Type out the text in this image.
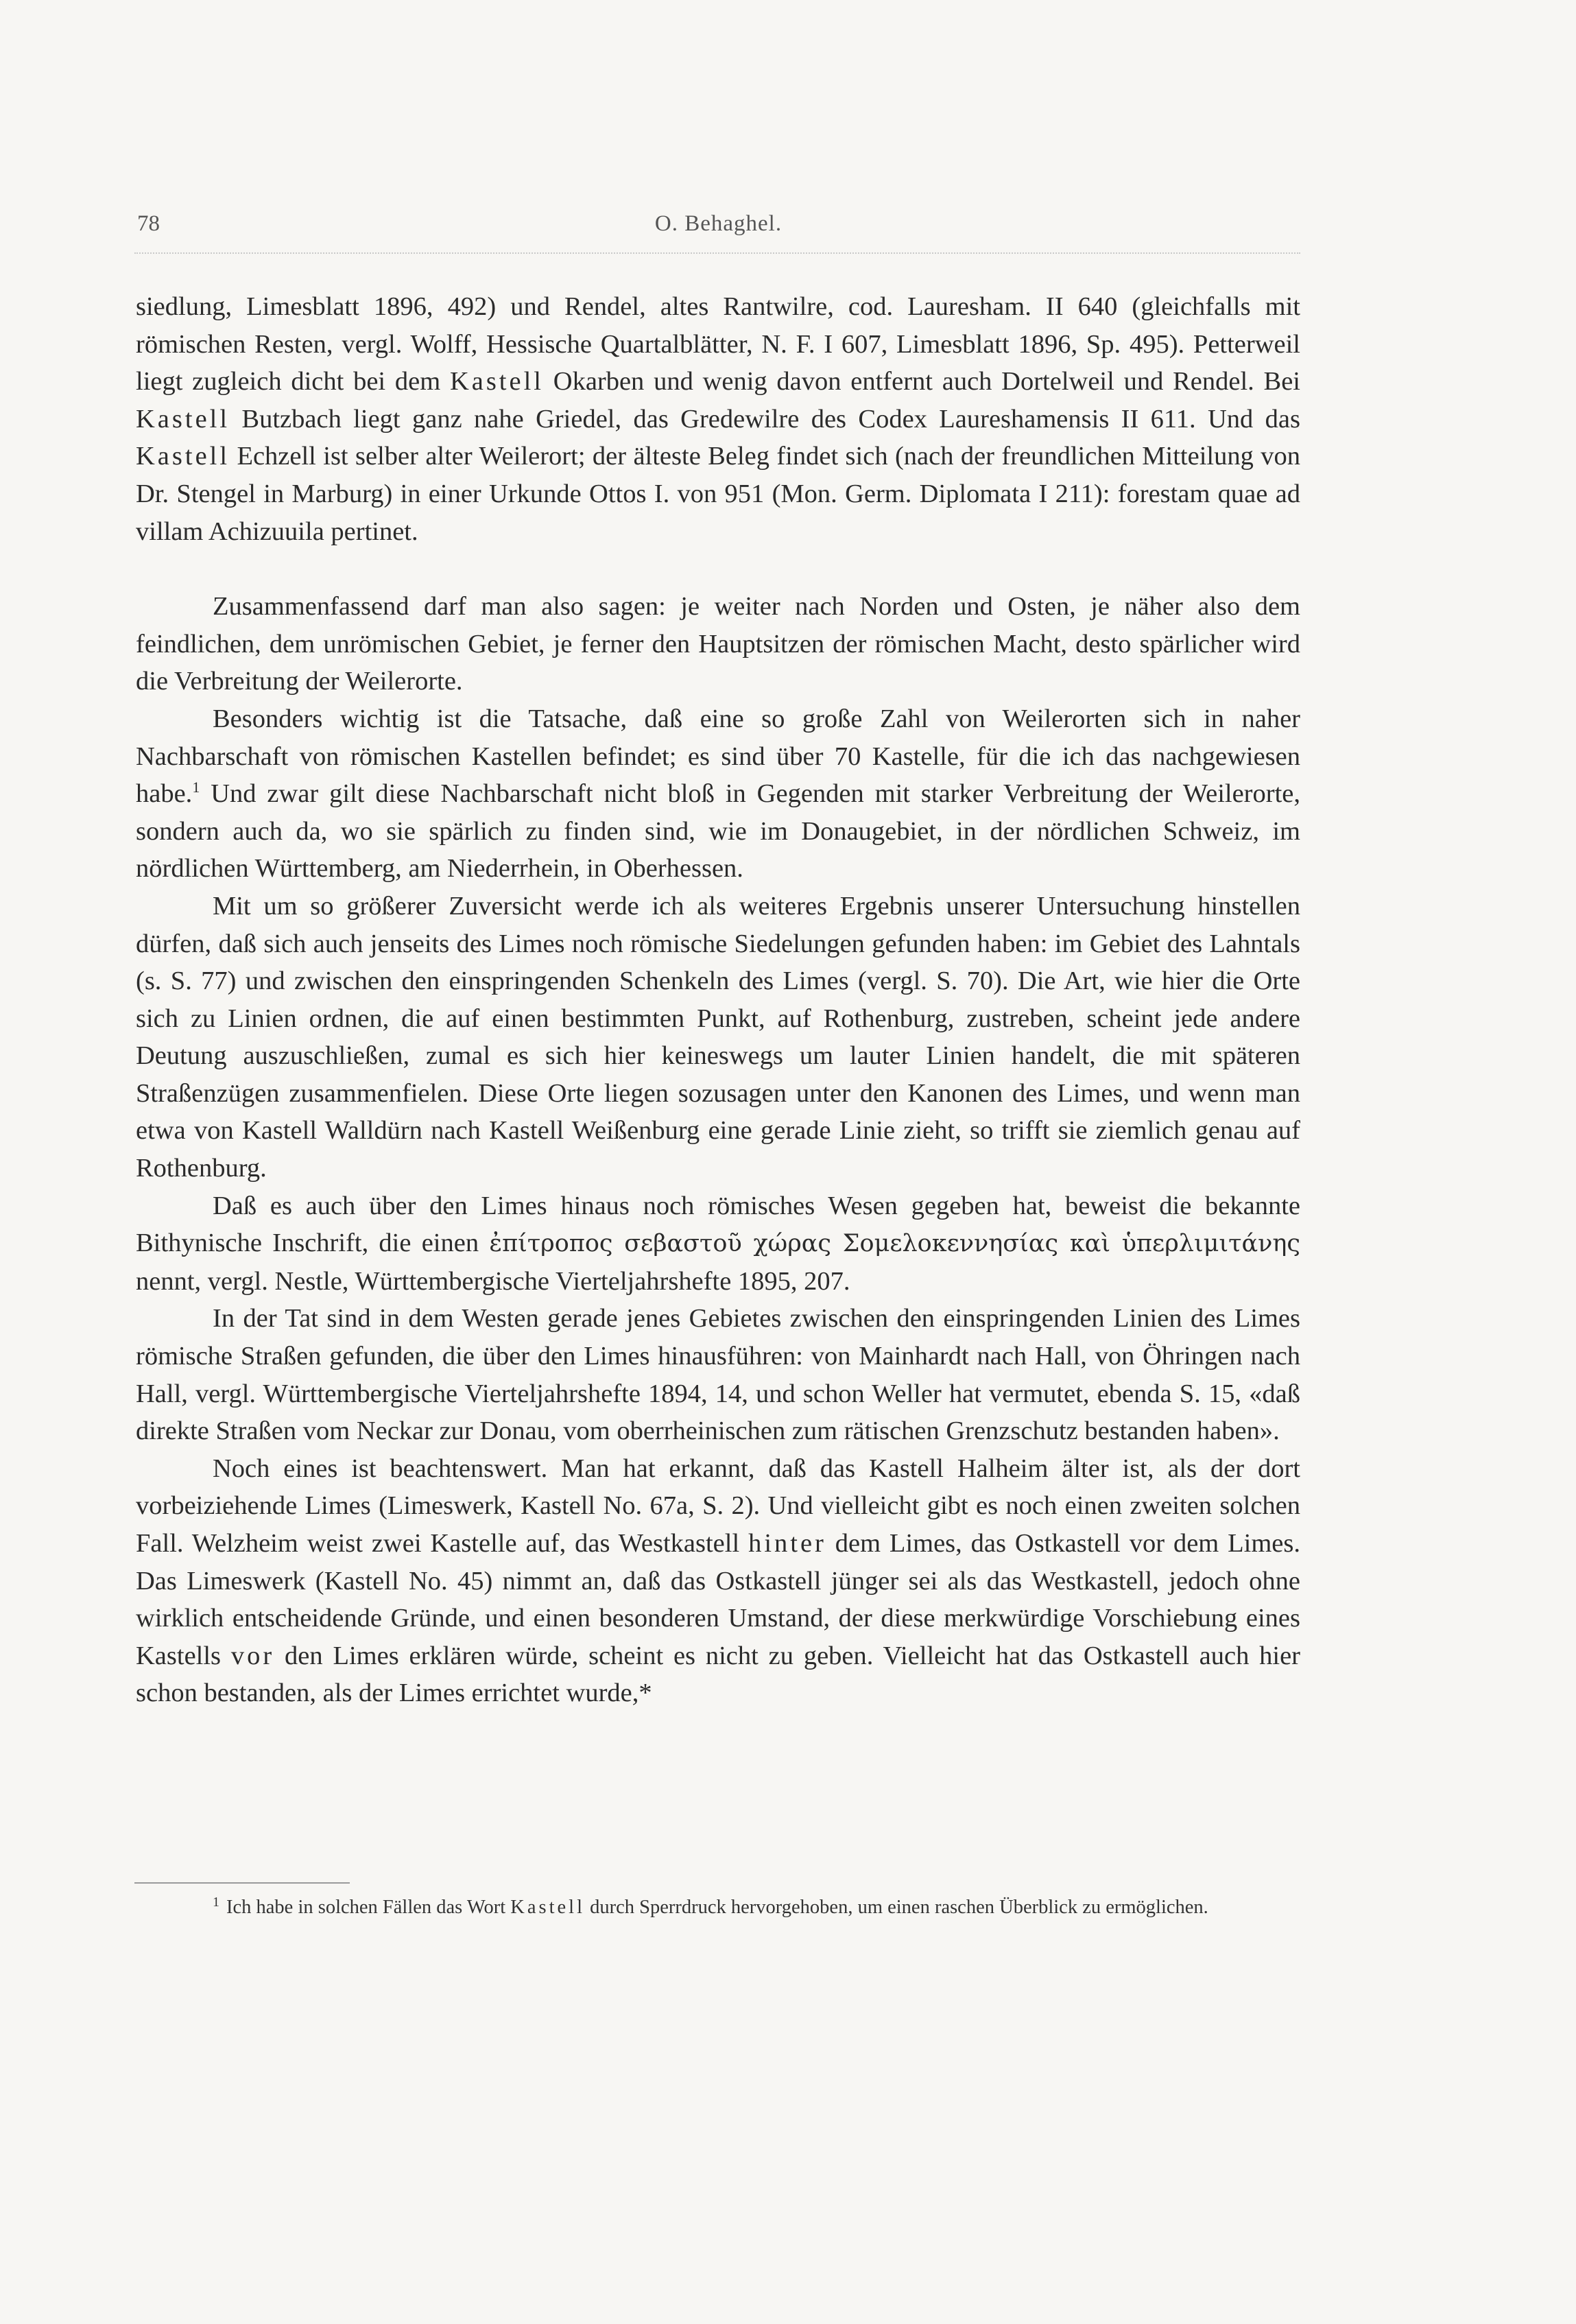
78	O. Behaghel.

siedlung, Limesblatt 1896, 492) und Rendel, altes Rantwilre, cod. Lauresham. II 640 (gleichfalls mit römischen Resten, vergl. Wolff, Hessische Quartalblätter, N. F. I 607, Limesblatt 1896, Sp. 495). Petterweil liegt zugleich dicht bei dem Kastell Okarben und wenig davon entfernt auch Dortelweil und Rendel. Bei Kastell Butzbach liegt ganz nahe Griedel, das Gredewilre des Codex Laureshamensis II 611. Und das Kastell Echzell ist selber alter Weilerort; der älteste Beleg findet sich (nach der freundlichen Mitteilung von Dr. Stengel in Marburg) in einer Urkunde Ottos I. von 951 (Mon. Germ. Diplomata I 211): forestam quae ad villam Achizuuila pertinet.

Zusammenfassend darf man also sagen: je weiter nach Norden und Osten, je näher also dem feindlichen, dem unrömischen Gebiet, je ferner den Hauptsitzen der römischen Macht, desto spärlicher wird die Verbreitung der Weilerorte.

Besonders wichtig ist die Tatsache, daß eine so große Zahl von Weilerorten sich in naher Nachbarschaft von römischen Kastellen befindet; es sind über 70 Kastelle, für die ich das nachgewiesen habe.$^1$ Und zwar gilt diese Nachbarschaft nicht bloß in Gegenden mit starker Verbreitung der Weilerorte, sondern auch da, wo sie spärlich zu finden sind, wie im Donaugebiet, in der nördlichen Schweiz, im nördlichen Württemberg, am Niederrhein, in Oberhessen.

Mit um so größerer Zuversicht werde ich als weiteres Ergebnis unserer Untersuchung hinstellen dürfen, daß sich auch jenseits des Limes noch römische Siedelungen gefunden haben: im Gebiet des Lahntals (s. S. 77) und zwischen den einspringenden Schenkeln des Limes (vergl. S. 70). Die Art, wie hier die Orte sich zu Linien ordnen, die auf einen bestimmten Punkt, auf Rothenburg, zustreben, scheint jede andere Deutung auszuschließen, zumal es sich hier keineswegs um lauter Linien handelt, die mit späteren Straßenzügen zusammenfielen. Diese Orte liegen sozusagen unter den Kanonen des Limes, und wenn man etwa von Kastell Walldürn nach Kastell Weißenburg eine gerade Linie zieht, so trifft sie ziemlich genau auf Rothenburg.

Daß es auch über den Limes hinaus noch römisches Wesen gegeben hat, beweist die bekannte Bithynische Inschrift, die einen ἐπίτροπος σεβαστοῦ χώρας Σομελοκεννησίας καὶ ὑπερλιμιτάνης nennt, vergl. Nestle, Württembergische Vierteljahrshefte 1895, 207.

In der Tat sind in dem Westen gerade jenes Gebietes zwischen den einspringenden Linien des Limes römische Straßen gefunden, die über den Limes hinausführen: von Mainhardt nach Hall, von Öhringen nach Hall, vergl. Württembergische Vierteljahrshefte 1894, 14, und schon Weller hat vermutet, ebenda S. 15, «daß direkte Straßen vom Neckar zur Donau, vom oberrheinischen zum rätischen Grenzschutz bestanden haben».

Noch eines ist beachtenswert. Man hat erkannt, daß das Kastell Halheim älter ist, als der dort vorbeiziehende Limes (Limeswerk, Kastell No. 67a, S. 2). Und vielleicht gibt es noch einen zweiten solchen Fall. Welzheim weist zwei Kastelle auf, das Westkastell hinter dem Limes, das Ostkastell vor dem Limes. Das Limeswerk (Kastell No. 45) nimmt an, daß das Ostkastell jünger sei als das Westkastell, jedoch ohne wirklich entscheidende Gründe, und einen besonderen Umstand, der diese merkwürdige Vorschiebung eines Kastells vor den Limes erklären würde, scheint es nicht zu geben. Vielleicht hat das Ostkastell auch hier schon bestanden, als der Limes errichtet wurde,*

$^1$ Ich habe in solchen Fällen das Wort Kastell durch Sperrdruck hervorgehoben, um einen raschen Überblick zu ermöglichen.
